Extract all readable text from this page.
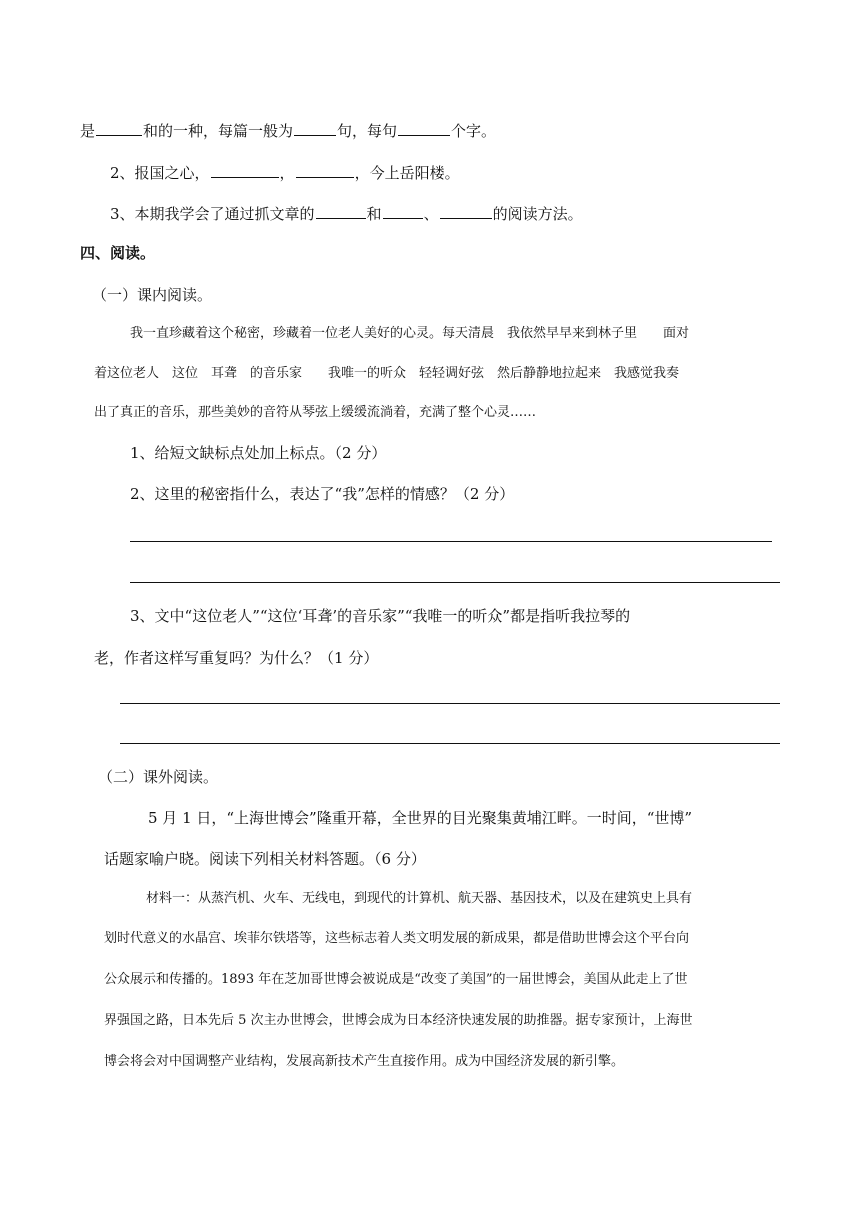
是	和的一种，每篇一般为	句，每句	个字。
2、报国之心，	，	，今上岳阳楼。
3、本期我学会了通过抓文章的	和	、	的阅读方法。
四、阅读。
（一）课内阅读。
我一直珍藏着这个秘密，珍藏着一位老人美好的心灵。每天清晨　我依然早早来到林子里　　面对
着这位老人　这位　耳聋　的音乐家　　我唯一的听众　轻轻调好弦　然后静静地拉起来　我感觉我奏
出了真正的音乐，那些美妙的音符从琴弦上缓缓流淌着，充满了整个心灵……
1、给短文缺标点处加上标点。（2 分）
2、这里的秘密指什么，表达了“我”怎样的情感？（2 分）
3、文中“这位老人”“这位‘耳聋’的音乐家”“我唯一的听众”都是指听我拉琴的
老，作者这样写重复吗？为什么？（1 分）
（二）课外阅读。
5 月 1 日，“上海世博会”隆重开幕，全世界的目光聚集黄埔江畔。一时间，“世博”
话题家喻户晓。阅读下列相关材料答题。（6 分）
材料一：从蒸汽机、火车、无线电，到现代的计算机、航天器、基因技术，以及在建筑史上具有
划时代意义的水晶宫、埃菲尔铁塔等，这些标志着人类文明发展的新成果，都是借助世博会这个平台向
公众展示和传播的。1893 年在芝加哥世博会被说成是“改变了美国”的一届世博会，美国从此走上了世
界强国之路，日本先后 5 次主办世博会，世博会成为日本经济快速发展的助推器。据专家预计，上海世
博会将会对中国调整产业结构，发展高新技术产生直接作用。成为中国经济发展的新引擎。
